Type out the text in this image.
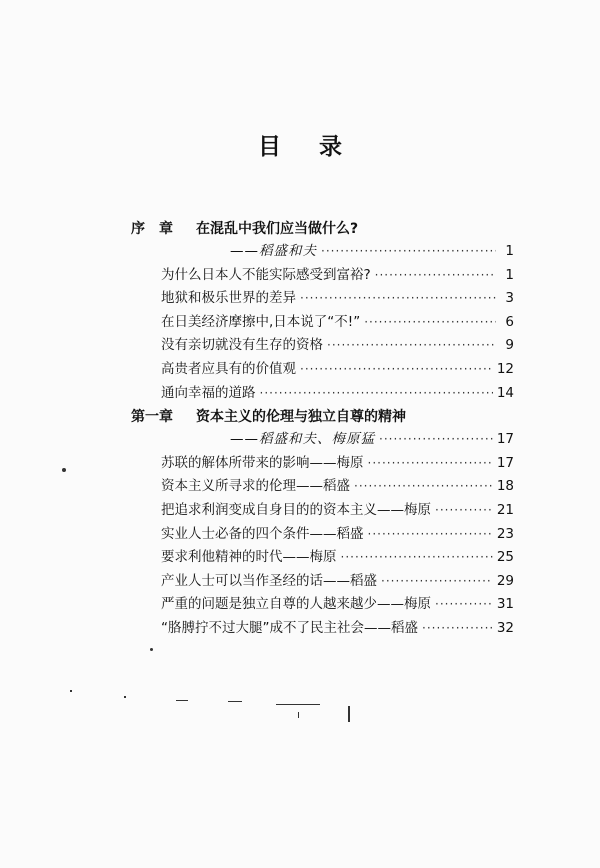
目录
序　章 在混乱中我们应当做什么?
——稻盛和夫 ·····	1
为什么日本人不能实际感受到富裕? ·····	1
地狱和极乐世界的差异 ·····	3
在日美经济摩擦中,日本说了“不!” ·····	6
没有亲切就没有生存的资格 ·····	9
高贵者应具有的价值观 ·····	12
通向幸福的道路 ·····	14
第一章 资本主义的伦理与独立自尊的精神
——稻盛和夫、梅原猛 ·····	17
苏联的解体所带来的影响——梅原 ·····	17
资本主义所寻求的伦理——稻盛 ·····	18
把追求利润变成自身目的的资本主义——梅原 ·····	21
实业人士必备的四个条件——稻盛 ·····	23
要求利他精神的时代——梅原 ·····	25
产业人士可以当作圣经的话——稻盛 ·····	29
严重的问题是独立自尊的人越来越少——梅原 ·····	31
“胳膊拧不过大腿”成不了民主社会——稻盛 ·····	32
